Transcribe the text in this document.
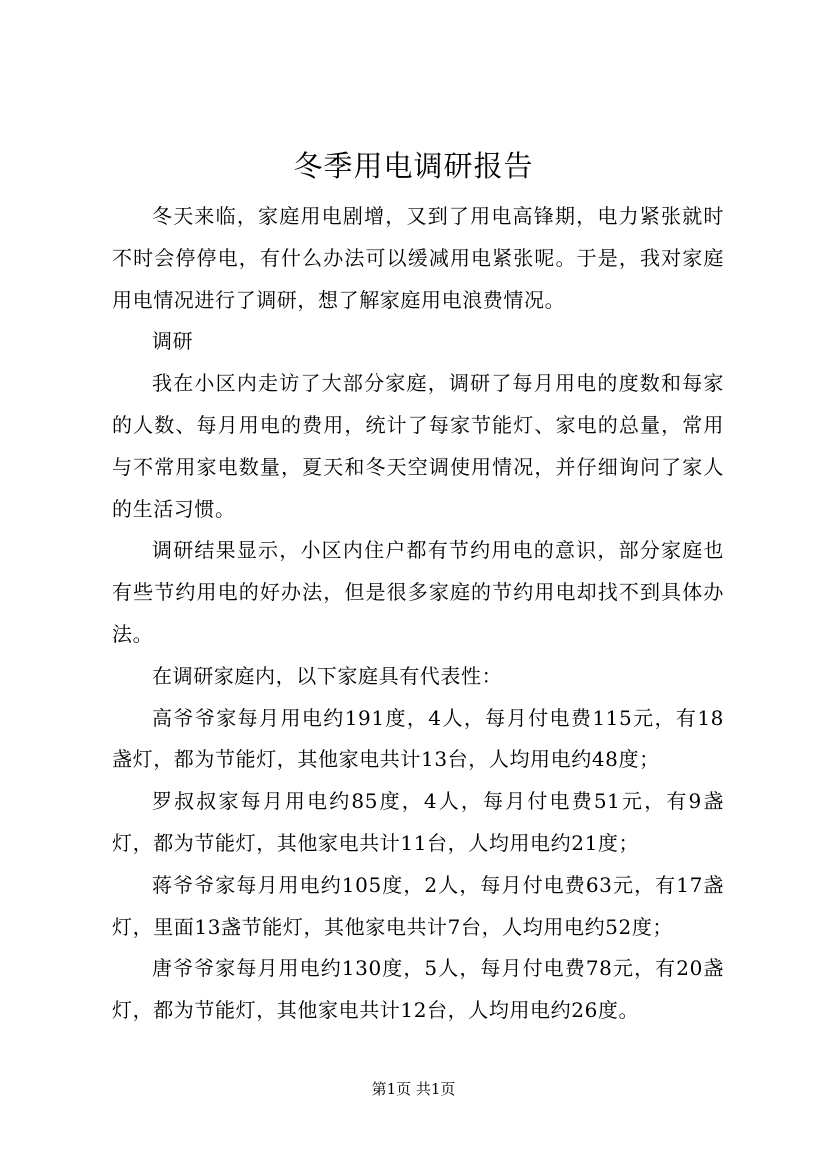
冬季用电调研报告

冬天来临，家庭用电剧增，又到了用电高锋期，电力紧张就时不时会停停电，有什么办法可以缓减用电紧张呢。于是，我对家庭用电情况进行了调研，想了解家庭用电浪费情况。

调研

我在小区内走访了大部分家庭，调研了每月用电的度数和每家的人数、每月用电的费用，统计了每家节能灯、家电的总量，常用与不常用家电数量，夏天和冬天空调使用情况，并仔细询问了家人的生活习惯。

调研结果显示，小区内住户都有节约用电的意识，部分家庭也有些节约用电的好办法，但是很多家庭的节约用电却找不到具体办法。

在调研家庭内，以下家庭具有代表性：

高爷爷家每月用电约191度，4人，每月付电费115元，有18盏灯，都为节能灯，其他家电共计13台，人均用电约48度；

罗叔叔家每月用电约85度，4人，每月付电费51元，有9盏灯，都为节能灯，其他家电共计11台，人均用电约21度；

蒋爷爷家每月用电约105度，2人，每月付电费63元，有17盏灯，里面13盏节能灯，其他家电共计7台，人均用电约52度；

唐爷爷家每月用电约130度，5人，每月付电费78元，有20盏灯，都为节能灯，其他家电共计12台，人均用电约26度。

第1页 共1页
